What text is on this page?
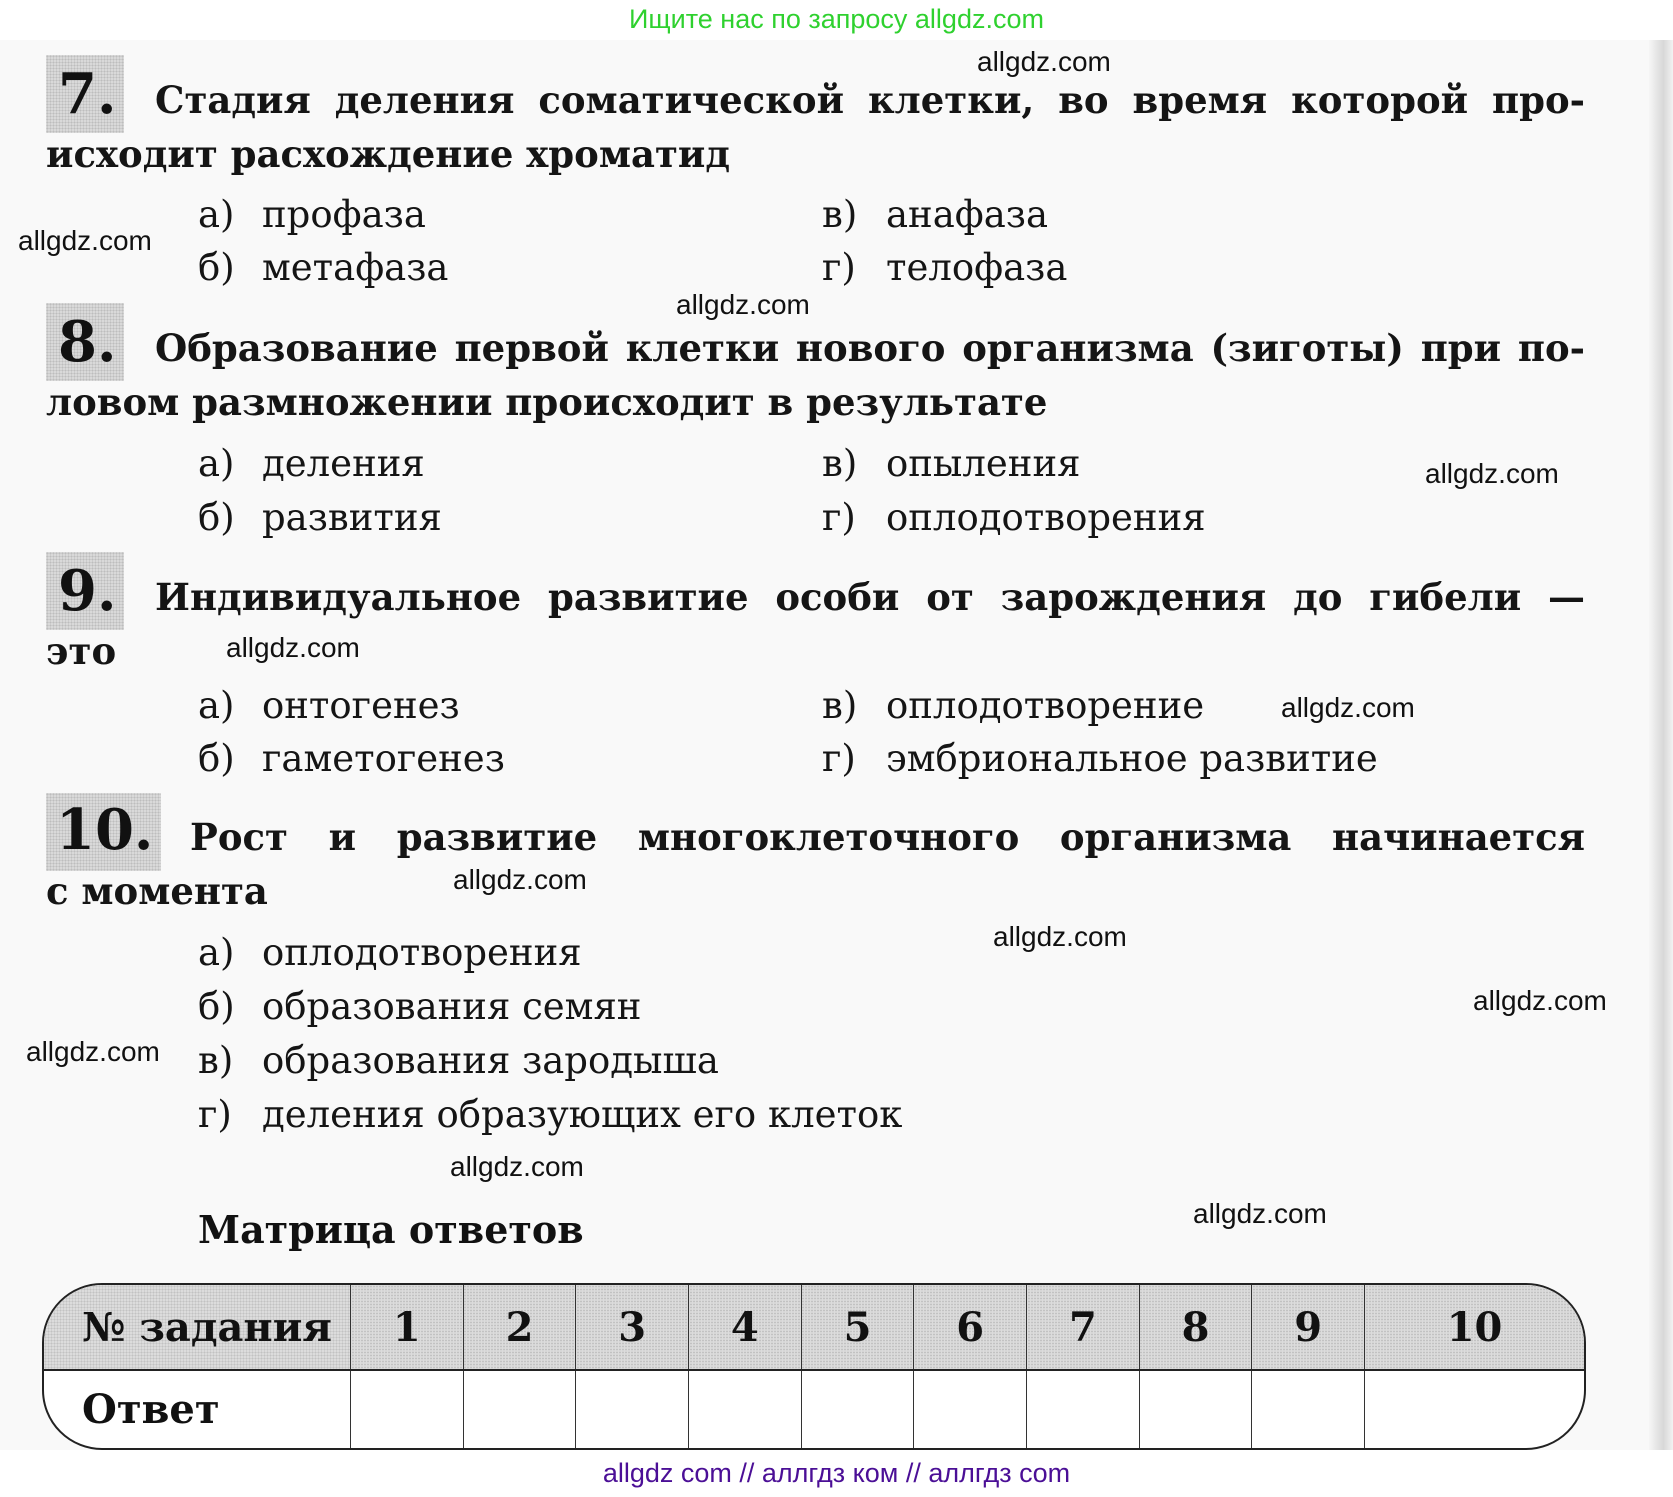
Ищите нас по запросу allgdz.com
7. Стадия деления соматической клетки, во время которой про-
исходит расхождение хроматид
а) профаза
б) метафаза
в) анафаза
г) телофаза
8. Образование первой клетки нового организма (зиготы) при по-
ловом размножении происходит в результате
а) деления
б) развития
в) опыления
г) оплодотворения
9. Индивидуальное развитие особи от зарождения до гибели —
это
а) онтогенез
б) гаметогенез
в) оплодотворение
г) эмбриональное развитие
10. Рост и развитие многоклеточного организма начинается
с момента
а) оплодотворения
б) образования семян
в) образования зародыша
г) деления образующих его клеток
Матрица ответов
№ задания	1	2	3	4	5	6	7	8	9	10
Ответ										
allgdz.com
allgdz.com
allgdz.com
allgdz.com
allgdz.com
allgdz.com
allgdz.com
allgdz.com
allgdz.com
allgdz.com
allgdz.com
allgdz.com
allgdz com // аллгдз ком // аллгдз com
